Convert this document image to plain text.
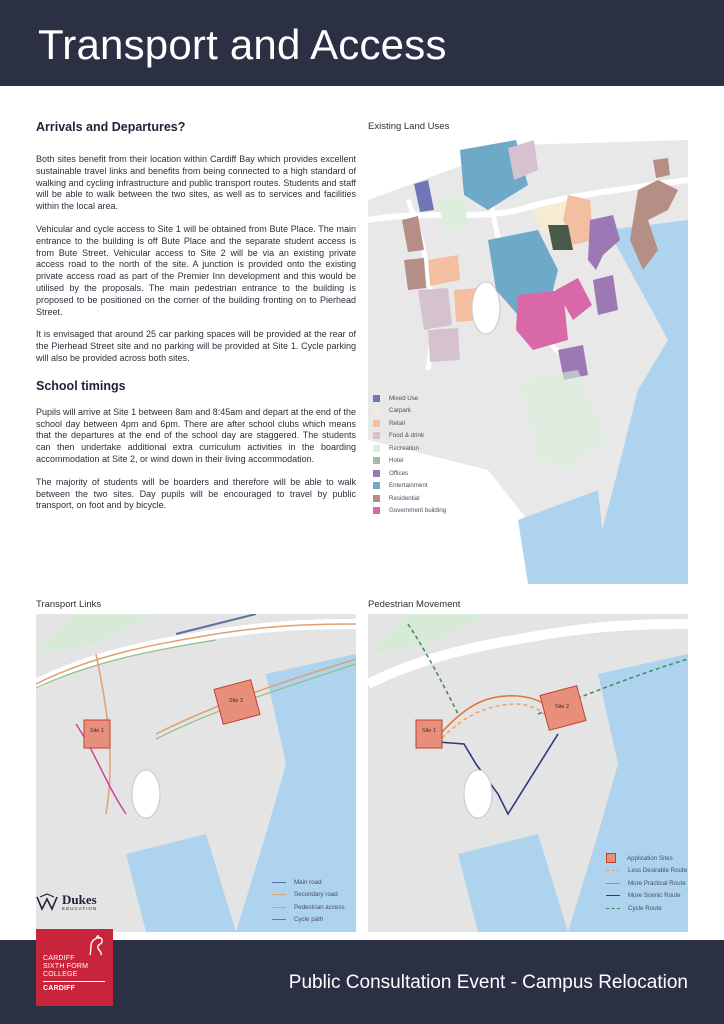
Transport and Access
Arrivals and Departures?

Both sites benefit from their location within Cardiff Bay which provides excellent sustainable travel links and benefits from being connected to a high standard of walking and cycling infrastructure and public transport routes. Students and staff will be able to walk between the two sites, as well as to services and facilities within the local area.

Vehicular and cycle access to Site 1 will be obtained from Bute Place. The main entrance to the building is off Bute Place and the separate student access is from Bute Street. Vehicular access to Site 2 will be via an existing private access road to the north of the site. A junction is provided onto the existing private access road as part of the Premier Inn development and this would be utilised by the proposals. The main pedestrian entrance to the building is proposed to be positioned on the corner of the building fronting on to Pierhead Street.

It is envisaged that around 25 car parking spaces will be provided at the rear of the Pierhead Street site and no parking will be provided at Site 1. Cycle parking will also be provided across both sites.

School timings

Pupils will arrive at Site 1 between 8am and 8:45am and depart at the end of the school day between 4pm and 6pm. There are after school clubs which means that the departures at the end of the school day are staggered. The students can then undertake additional extra curriculum activities in the boarding accommodation at Site 2, or wind down in their living accommodation.

The majority of students will be boarders and therefore will be able to walk between the two sites. Day pupils will be encouraged to travel by public transport, on foot and by bicycle.

Existing Land Uses
Mixed Use
Carpark
Retail
Food & drink
Recreation
Hotel
Offices
Entertainment
Residential
Government building
Transport Links
Site 1
Site 2
Main road
Secondary road
Pedestrian access
Cycle path
Pedestrian Movement
Site 1
Site 2
Application Sites
Less Desirable Route
More Practical Route
More Scenic Route
Cycle Route
Dukes
EDUCATION
Public Consultation Event - Campus Relocation
CARDIFF
SIXTH FORM
COLLEGE
CARDIFF
